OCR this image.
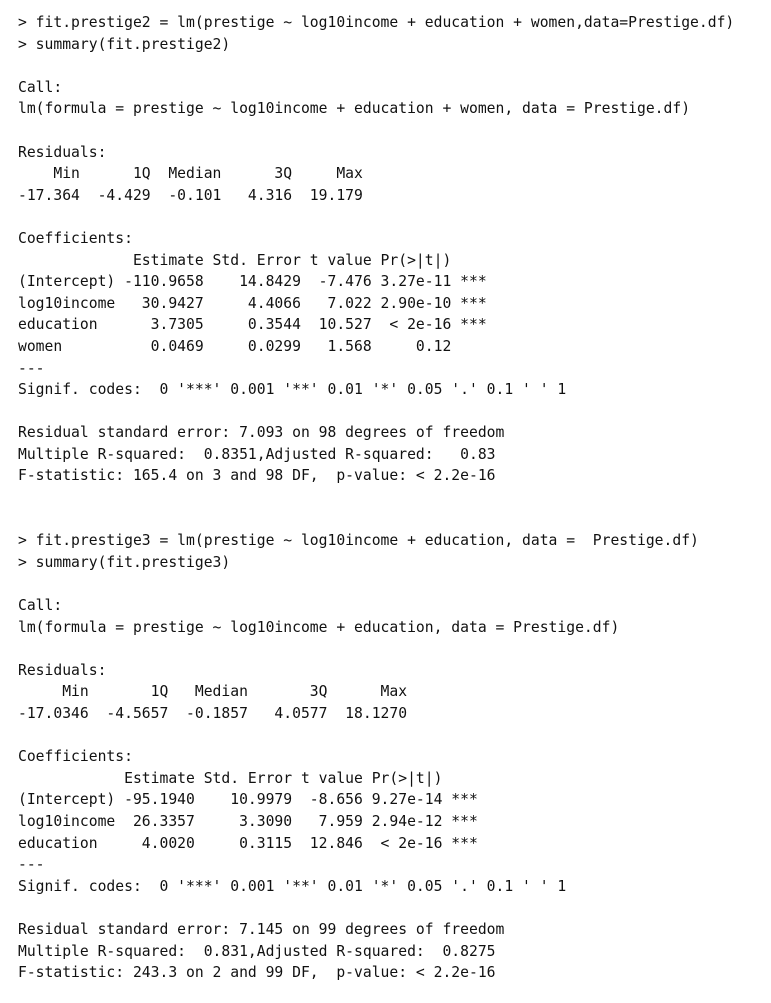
> fit.prestige2 = lm(prestige ~ log10income + education + women,data=Prestige.df)
> summary(fit.prestige2)
Call:
lm(formula = prestige ~ log10income + education + women, data = Prestige.df)
Residuals:
Min      1Q  Median      3Q     Max
-17.364  -4.429  -0.101   4.316  19.179
Coefficients:
Estimate Std. Error t value Pr(>|t|)
(Intercept) -110.9658    14.8429  -7.476 3.27e-11 ***
log10income   30.9427     4.4066   7.022 2.90e-10 ***
education      3.7305     0.3544  10.527  < 2e-16 ***
women          0.0469     0.0299   1.568     0.12
---
Signif. codes:  0 '***' 0.001 '**' 0.01 '*' 0.05 '.' 0.1 ' ' 1
Residual standard error: 7.093 on 98 degrees of freedom
Multiple R-squared:  0.8351,Adjusted R-squared:   0.83
F-statistic: 165.4 on 3 and 98 DF,  p-value: < 2.2e-16
> fit.prestige3 = lm(prestige ~ log10income + education, data =  Prestige.df)
> summary(fit.prestige3)
Call:
lm(formula = prestige ~ log10income + education, data = Prestige.df)
Residuals:
Min       1Q   Median       3Q      Max
-17.0346  -4.5657  -0.1857   4.0577  18.1270
Coefficients:
Estimate Std. Error t value Pr(>|t|)
(Intercept) -95.1940    10.9979  -8.656 9.27e-14 ***
log10income  26.3357     3.3090   7.959 2.94e-12 ***
education     4.0020     0.3115  12.846  < 2e-16 ***
---
Signif. codes:  0 '***' 0.001 '**' 0.01 '*' 0.05 '.' 0.1 ' ' 1
Residual standard error: 7.145 on 99 degrees of freedom
Multiple R-squared:  0.831,Adjusted R-squared:  0.8275
F-statistic: 243.3 on 2 and 99 DF,  p-value: < 2.2e-16
